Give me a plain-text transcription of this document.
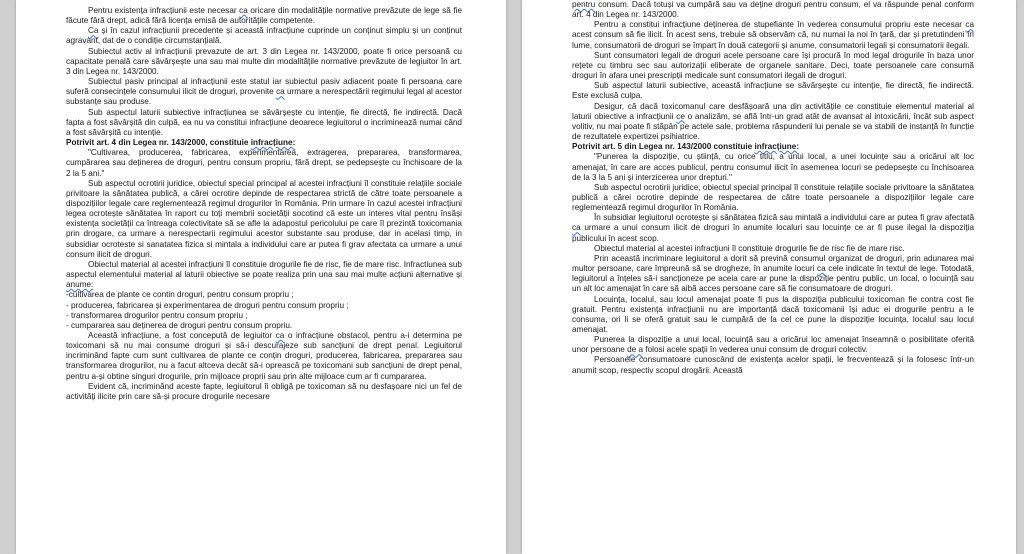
Pentru existența infracțiunii este necesar ca oricare din modalitățile normative prevăzute de lege să fie făcute fără drept, adică fără licența emisă de autoritățile competente.

Ca și în cazul infracțiunii precedente și această infracțiune cuprinde un conținut simplu și un conținut agravant, dat de o condiție circumstanțială.

Subiectul activ al infracțiunii prevazute de art. 3 din Legea nr. 143/2000, poate fi orice persoană cu capacitate penală care săvârșește una sau mai multe din modalitățile normative prevăzute de legiuitor în art. 3 din Legea nr. 143/2000.

Subiectul pasiv principal al infracțiunii este statul iar subiectul pasiv adiacent poate fi persoana care suferă consecințele consumului ilicit de droguri, provenite ca urmare a nerespectării regimului legal al acestor substanțe sau produse.

Sub aspectul laturii subiective infracțiunea se săvârșește cu intenție, fie directă, fie indirectă. Dacă fapta a fost săvârșită din culpă, ea nu va constitui infracțiune deoarece legiuitorul o incriminează numai când a fost săvârșită cu intenție.

Potrivit art. 4 din Legea nr. 143/2000, constituie infracțiune:

"Cultivarea, producerea, fabricarea, experimentarea, extragerea, prepararea, transformarea, cumpărarea sau deținerea de droguri, pentru consum propriu, fără drept, se pedepsește cu închisoare de la 2 la 5 ani."

Sub aspectul ocrotirii juridice, obiectul special principal al acestei infracțiuni îl constituie relațiile sociale privitoare la sănătatea publică, a cărei ocrotire depinde de respectarea strictă de către toate persoanele a dispozițiilor legale care reglementează regimul drogurilor în România. Prin urmare în cazul acestei infracțiuni legea ocrotește sănătatea în raport cu toți membrii societății socotind că este un interes vital pentru însăși existența societății ca întreaga colectivitate să se afle la adapostul pericolului pe care îl prezintă toxicomania prin drogare, ca urmare a nerespectarii regimului acestor substante sau produse, dar in acelasi timp, in subsidiar ocroteste si sanatatea fizica si mintala a individului care ar putea fi grav afectata ca urmare a unui consum ilicit de droguri.

Obiectul material al acestei infracțiuni îl constituie drogurile fie de risc, fie de mare risc. Infractiunea sub aspectul elementului material al laturii obiective se poate realiza prin una sau mai multe acțiuni alternative și anume:

-cultivarea de plante ce contin droguri, pentru consum propriu ;

- producerea, fabricarea și experimentarea de droguri pentru consum propriu ;

- transformarea drogurilor pentru consum propriu ;

- cumpararea sau deținerea de droguri pentru consum propriu.

Această infracțiune, a fost concepută de legiuitor ca o infracțiune obstacol, pentru a-i determina pe toxicomani să nu mai consume droguri și să-i descurajeze sub sancțiuni de drept penal. Legiuitorul incriminând fapte cum sunt cultivarea de plante ce conțin droguri, producerea, fabricarea, prepararea sau transformarea drogurilor, nu a facut altceva decât să-i oprească pe toxicomani sub sancțiuni de drept penal, pentru a-și obtine singuri drogurile, prin mijloace proprii sau prin alte mijloace cum ar fi cumpararea.

Evident că, incriminând aceste fapte, legiuitorul îi obligă pe toxicoman să nu desfașoare nici un fel de activități ilicite prin care să-și procure drogurile necesare

pentru consum. Dacă totuși va cumpără sau va deține droguri pentru consum, el va răspunde penal conform art. 4 din Legea nr. 143/2000.

Pentru a constitui infracțiune deținerea de stupefiante în vederea consumului propriu este necesar ca acest consum să fie ilicit. În acest sens, trebuie să observăm că, nu numai la noi în țară, dar și pretutindeni în lume, consumatorii de droguri se împart în două categorii și anume, consumatorii legali și consumatorii ilegali.

Sunt consumatori legali de droguri acele persoane care își procură în mod legal drogurile în baza unor rețete cu timbru sec sau autorizații eliberate de organele sanitare. Deci, toate persoanele care consumă droguri în afara unei prescripții medicale sunt consumatori ilegali de droguri.

Sub aspectul laturii subiective, această infracțiune se săvârșește cu intenție, fie directă, fie indirectă. Este exclusă culpa.

Desigur, că dacă toxicomanul care desfășoară una din activitățile ce constituie elementul material al laturii obiective a infracțiunii ce o analizăm, se află într-un grad atât de avansat al intoxicării, încât sub aspect volitiv, nu mai poate fi stăpân pe actele sale, problema răspunderii lui penale se va stabili de instanță în funcție de rezultatele expertizei psihiatrice.

Potrivit art. 5 din Legea nr. 143/2000 constituie infracțiune:

"Punerea la dispoziție, cu știință, cu orice titlu, a unui local, a unei locuințe sau a oricărui alt loc amenajat, în care are acces publicul, pentru consumul ilicit în asemenea locuri se pedepsește cu închisoarea de la 3 la 5 ani și interzicerea unor drepturi."

Sub aspectul ocrotirii juridice, obiectul special principal îl constituie relațiile sociale privitoare la sănătatea publică a cărei ocrotire depinde de respectarea de către toate persoanele a dispozițiilor legale care reglementează regimul drogurilor în România.

În subsidiar legiuitorul ocrotește și sănătatea fizică sau mintală a individului care ar putea fi grav afectată ca urmare a unui consum ilicit de droguri în anumite localuri sau locuințe ce ar fi puse ilegal la dispoziția publicului în acest scop.

Obiectul material al acestei infracțiuni îl constituie drogurile fie de risc fie de mare risc.

Prin această incriminare legiuitorul a dorit să prevină consumul organizat de droguri, prin adunarea mai multor persoane, care împreună să se drogheze, în anumite locuri ca cele indicate în textul de lege. Totodată, legiuitorul a înțeles să-i sancționeze pe aceia care ar pune la dispoziție pentru public, un local, o locuință sau un alt loc amenajat în care să aibă acces persoane care să fie consumatoare de droguri.

Locuința, localul, sau locul amenajat poate fi pus la dispoziția publicului toxicoman fie contra cost fie gratuit. Pentru existența infracțiunii nu are importanță dacă toxicomanii își aduc ei drogurile pentru a le consuma, ori li se oferă gratuit sau le cumpără de la cel ce pune la dispoziție locuința, localul sau locul amenajat.

Punerea la dispoziție a unui local, locuință sau a oricărui loc amenajat înseamnă o posibilitate oferită unor persoane de a folosi acele spații în vederea unui consum de droguri colectiv.

Persoanele consumatoare cunoscând de existența acelor spații, le frecventează și la folosesc într-un anumit scop, respectiv scopul drogării. Această
